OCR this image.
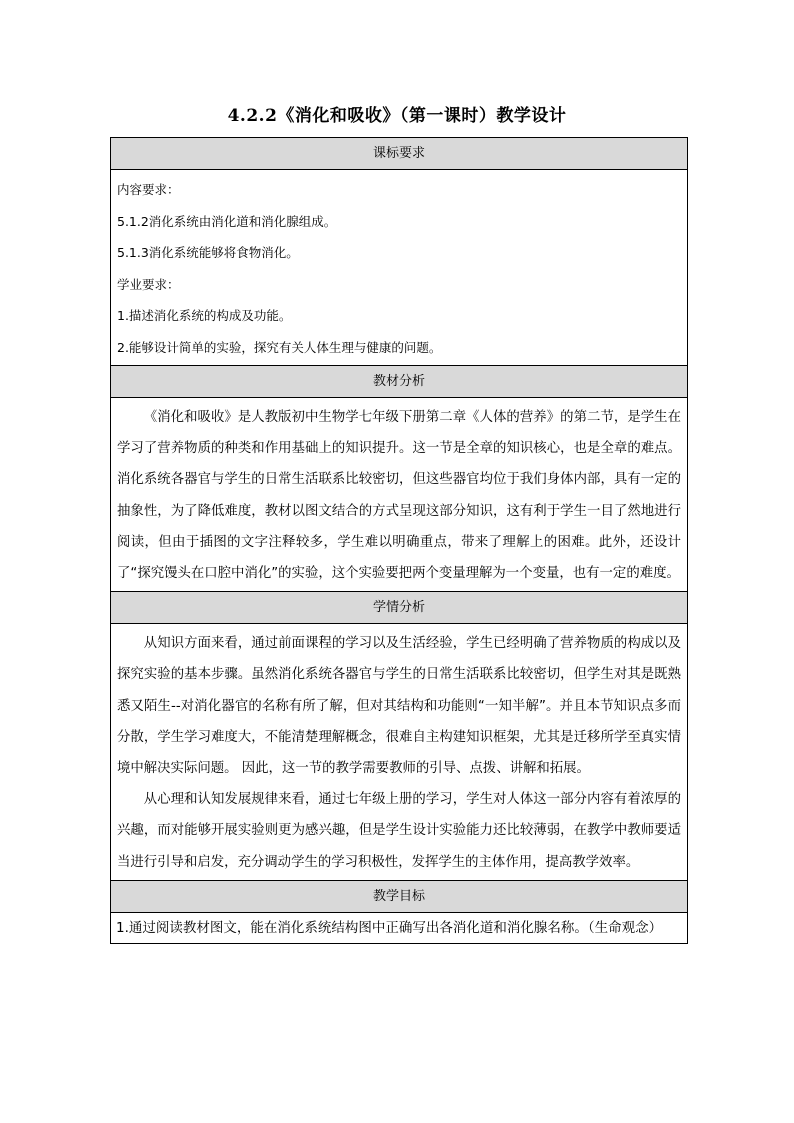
4.2.2《消化和吸收》（第一课时）教学设计
课标要求

内容要求：
5.1.2消化系统由消化道和消化腺组成。
5.1.3消化系统能够将食物消化。
学业要求：
1.描述消化系统的构成及功能。
2.能够设计简单的实验，探究有关人体生理与健康的问题。

教材分析

《消化和吸收》是人教版初中生物学七年级下册第二章《人体的营养》的第二节，是学生在学习了营养物质的种类和作用基础上的知识提升。这一节是全章的知识核心，也是全章的难点。消化系统各器官与学生的日常生活联系比较密切，但这些器官均位于我们身体内部，具有一定的抽象性，为了降低难度，教材以图文结合的方式呈现这部分知识，这有利于学生一目了然地进行阅读，但由于插图的文字注释较多，学生难以明确重点，带来了理解上的困难。此外，还设计了“探究馒头在口腔中消化”的实验，这个实验要把两个变量理解为一个变量，也有一定的难度。

学情分析

从知识方面来看，通过前面课程的学习以及生活经验，学生已经明确了营养物质的构成以及探究实验的基本步骤。虽然消化系统各器官与学生的日常生活联系比较密切，但学生对其是既熟悉又陌生--对消化器官的名称有所了解，但对其结构和功能则“一知半解”。并且本节知识点多而分散，学生学习难度大，不能清楚理解概念，很难自主构建知识框架，尤其是迁移所学至真实情境中解决实际问题。 因此，这一节的教学需要教师的引导、点拨、讲解和拓展。

从心理和认知发展规律来看，通过七年级上册的学习，学生对人体这一部分内容有着浓厚的兴趣，而对能够开展实验则更为感兴趣，但是学生设计实验能力还比较薄弱，在教学中教师要适当进行引导和启发，充分调动学生的学习积极性，发挥学生的主体作用，提高教学效率。

教学目标

1.通过阅读教材图文，能在消化系统结构图中正确写出各消化道和消化腺名称。（生命观念）
